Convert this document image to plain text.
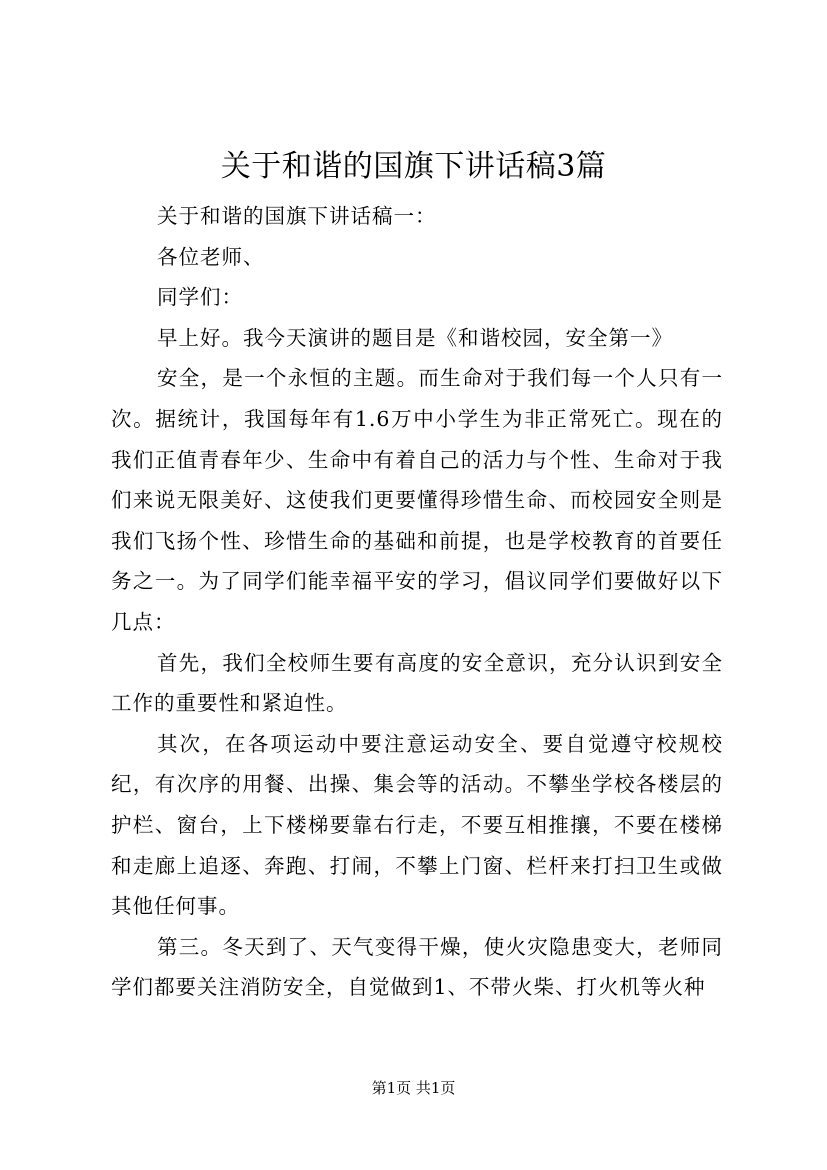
关于和谐的国旗下讲话稿3篇

关于和谐的国旗下讲话稿一：

各位老师、

同学们：

早上好。我今天演讲的题目是《和谐校园，安全第一》

安全，是一个永恒的主题。而生命对于我们每一个人只有一次。据统计，我国每年有1.6万中小学生为非正常死亡。现在的我们正值青春年少、生命中有着自己的活力与个性、生命对于我们来说无限美好、这使我们更要懂得珍惜生命、而校园安全则是我们飞扬个性、珍惜生命的基础和前提，也是学校教育的首要任务之一。为了同学们能幸福平安的学习，倡议同学们要做好以下几点：

首先，我们全校师生要有高度的安全意识，充分认识到安全工作的重要性和紧迫性。

其次，在各项运动中要注意运动安全、要自觉遵守校规校纪，有次序的用餐、出操、集会等的活动。不攀坐学校各楼层的护栏、窗台，上下楼梯要靠右行走，不要互相推攘，不要在楼梯和走廊上追逐、奔跑、打闹，不攀上门窗、栏杆来打扫卫生或做其他任何事。

第三。冬天到了、天气变得干燥，使火灾隐患变大，老师同学们都要关注消防安全，自觉做到1、不带火柴、打火机等火种

第1页 共1页
